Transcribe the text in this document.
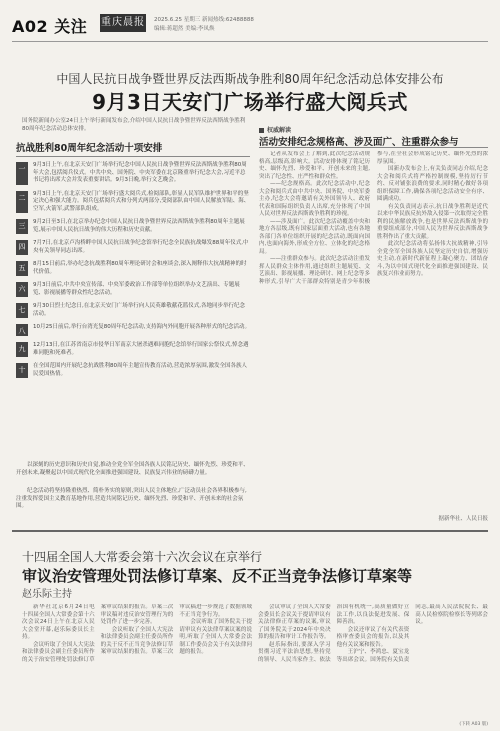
A02 关注 重庆晨报 2025.6.25 星期三 新闻热线:62488888
编辑:蒋超然 美编:李凤焕
中国人民抗日战争暨世界反法西斯战争胜利80周年纪念活动总体安排公布
9月3日天安门广场举行盛大阅兵式
国务院新闻办公室24日上午举行新闻发布会,介绍中国人民抗日战争暨世界反法西斯战争胜利80周年纪念活动总体安排。
抗战胜利80周年纪念活动十项安排
一	9月3日上午,在北京天安门广场举行纪念中国人民抗日战争暨世界反法西斯战争胜利80周年大会,包括阅兵仪式。中共中央、国务院、中央军委在北京隆重举行纪念大会,习近平总书记将出席大会并发表重要讲话。9月3日晚,举行文艺晚会。
二	9月3日上午,在北京天安门广场举行盛大阅兵式,检阅部队,彰显人民军队维护世界和平的坚定决心和强大能力。阅兵包括阅兵式和分列式两部分,受阅部队由中国人民解放军陆、海、空军,火箭军,武警部队组成。
三	9月2日至3日,在北京举办纪念中国人民抗日战争暨世界反法西斯战争胜利80周年主题展览,展示中国人民抗日战争的伟大历程和历史贡献。
四	7月7日,在北京卢沟桥畔中国人民抗日战争纪念馆举行纪念全民族抗战爆发88周年仪式,中央有关领导同志出席。
五	8月15日前后,举办纪念抗战胜利80周年理论研讨会和座谈会,深入阐释伟大抗战精神的时代价值。
六	9月3日前后,中共中央宣传部、中央军委政治工作部等单位组织举办文艺演出、专题展览、影视展播等群众性纪念活动。
七	9月30日烈士纪念日,在北京天安门广场举行向人民英雄敬献花篮仪式,各地同步举行纪念活动。
八	10月25日前后,举行台湾光复80周年纪念活动,支持海内外同胞开展各种形式的纪念活动。
九	12月13日,在江苏省南京市侵华日军南京大屠杀遇难同胞纪念馆举行国家公祭仪式,悼念遇难同胞和死难者。
十	在全国范围内开展纪念抗战胜利80周年主题宣传教育活动,营造浓厚氛围,激发全国各族人民爱国热情。
以深刻的历史意识和历史自觉,推动全党全军全国各族人民铭记历史、缅怀先烈、珍爱和平、开创未来,凝聚起以中国式现代化全面推进强国建设、民族复兴伟业的磅礴力量。
纪念活动将坚持隆重热烈、简朴务实的原则,突出人民主体地位,广泛动员社会各界积极参与,注重发挥爱国主义教育基地作用,营造共同铭记历史、缅怀先烈、珍爱和平、开创未来的社会氛围。
权威解读
活动安排纪念规格高、涉及面广、注重群众参与

记者从发布会上了解到,此次纪念活动规格高,层级高,影响大。活动安排体现了铭记历史、缅怀先烈、珍爱和平、开创未来的主题,突出了纪念性、庄严性和群众性。

——纪念规格高。此次纪念活动中,纪念大会和阅兵式由中共中央、国务院、中央军委主办,纪念大会将邀请有关外国领导人、政府代表和国际组织负责人出席,充分体现了中国人民对世界反法西斯战争胜利的珍视。

——涉及面广。此次纪念活动覆盖中央和地方各层级,既有国家层面重大活动,也有各地各部门各单位组织开展的纪念活动,既面向国内,也面向海外,形成全方位、立体化的纪念格局。

——注重群众参与。此次纪念活动注重发挥人民群众主体作用,通过组织主题展览、文艺演出、影视展播、理论研讨、网上纪念等多种形式,引导广大干部群众特别是青少年积极参与,在全社会形成铭记历史、缅怀先烈的浓厚氛围。

国新办发布会上,有关负责同志介绍,纪念大会和阅兵式将严格控制规模,坚持厉行节约、反对铺张浪费的要求,同时精心做好各项组织保障工作,确保各项纪念活动安全有序、圆满成功。

有关负责同志表示,抗日战争胜利是近代以来中华民族反抗外敌入侵第一次取得完全胜利的民族解放战争,也是世界反法西斯战争的重要组成部分,中国人民为世界反法西斯战争胜利作出了重大贡献。

此次纪念活动将弘扬伟大抗战精神,引导全党全军全国各族人民坚定历史自信,增强历史主动,在新时代新征程上凝心聚力、团结奋斗,为以中国式现代化全面推进强国建设、民族复兴伟业而努力。

据新华社、人民日报
十四届全国人大常委会第十六次会议在京举行
审议治安管理处罚法修订草案、反不正当竞争法修订草案等
赵乐际主持

新华社北京6月24日电 十四届全国人大常委会第十六次会议24日上午在北京人民大会堂开幕,赵乐际委员长主持。

会议听取了全国人大宪法和法律委员会副主任委员所作的关于治安管理处罚法修订草案审议结果的报告。草案三次审议稿对违反治安管理行为的处罚作了进一步完善。

会议听取了全国人大宪法和法律委员会副主任委员所作的关于反不正当竞争法修订草案审议结果的报告。草案三次审议稿进一步规范了数据领域不正当竞争行为。

会议听取了国务院关于提请审议有关法律草案议案的说明,听取了全国人大常委会法制工作委员会关于有关法律问题的报告。

会议审议了全国人大常委会委员长会议关于提请审议有关法律修正草案的议案,审议了国务院关于2024年中央决算的报告和审计工作报告等。

赵乐际指出,要深入学习贯彻习近平法治思想,坚持党的领导、人民当家作主、依法治国有机统一,高质量做好立法工作,以良法促进发展、保障善治。

会议还审议了有关代表资格审查委员会的报告,以及其他有关议案和报告。

王沪宁、李鸿忠、夏宝龙等出席会议。国务院有关负责同志,最高人民法院院长、最高人民检察院检察长等列席会议。

(下转 A03 版)
